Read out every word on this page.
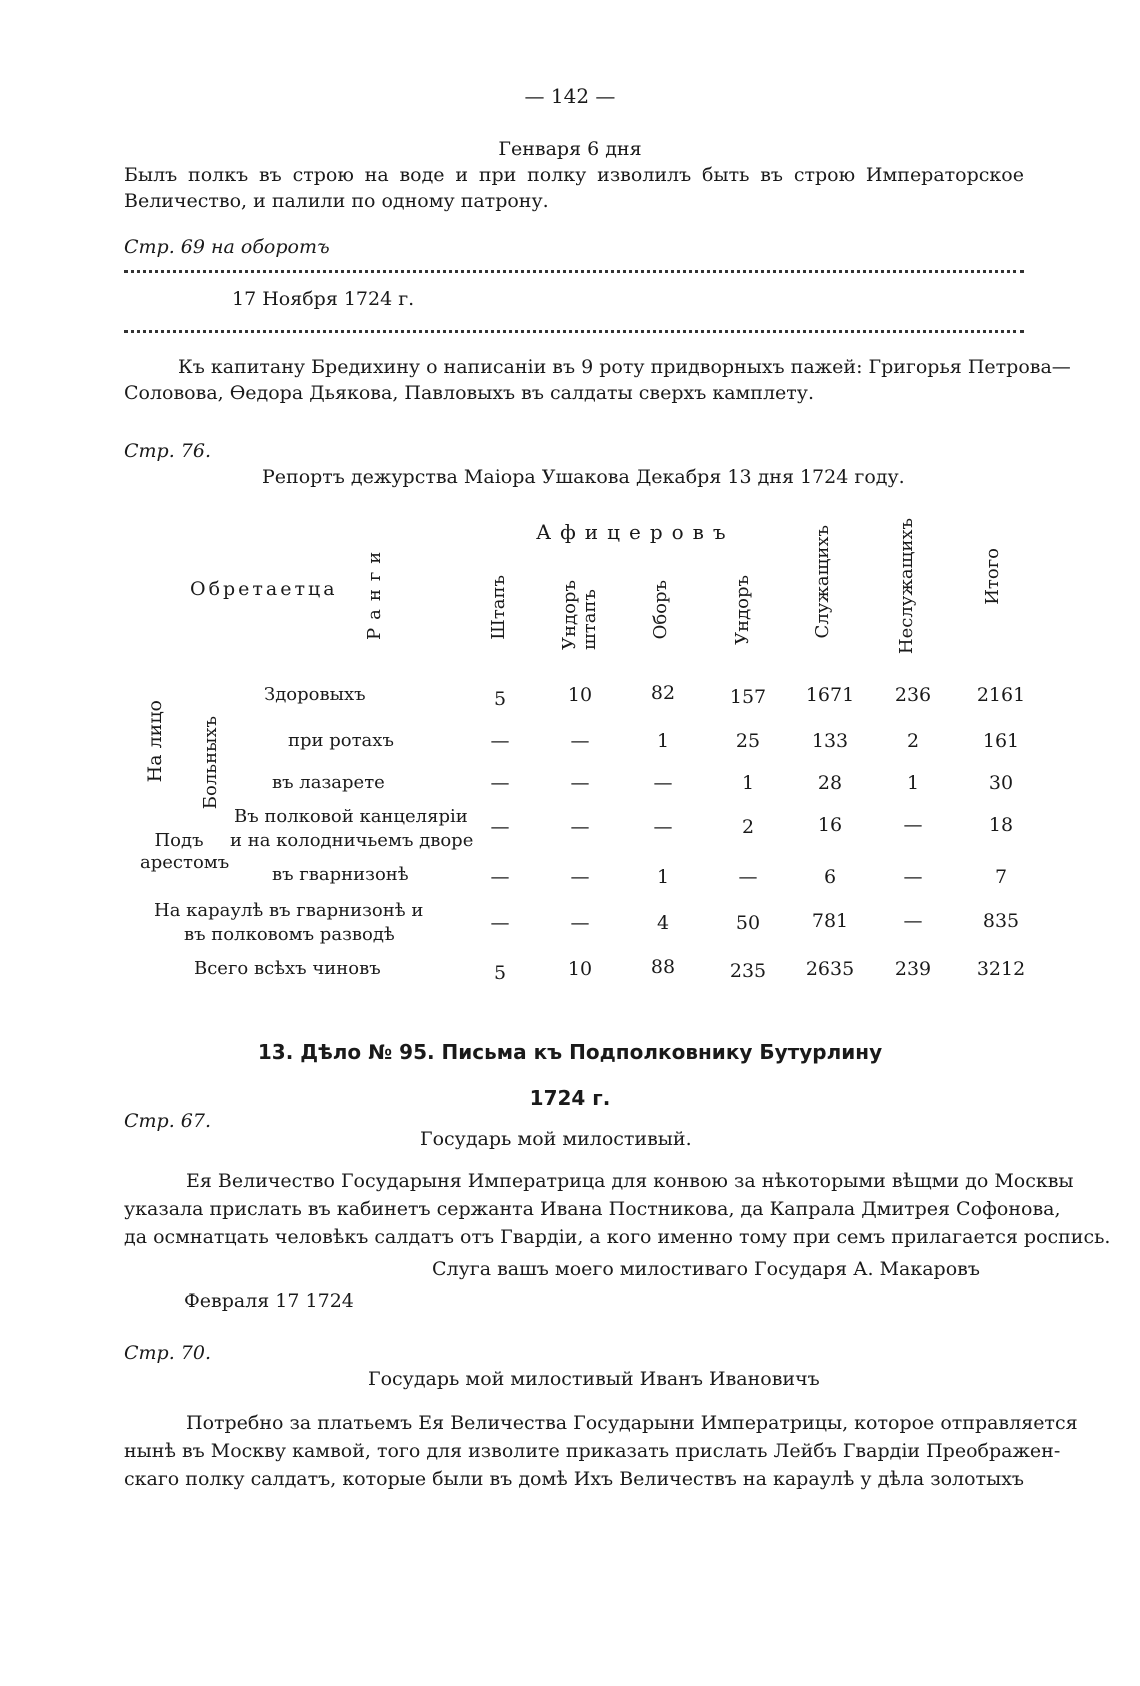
— 142 —
Генваря 6 дня
Былъ полкъ въ строю на воде и при полку изволилъ быть въ строю Императорское
Величество, и палили по одному патрону.
Стр. 69 на оборотъ
17 Ноября 1724 г.
Къ капитану Бредихину о написанiи въ 9 роту придворныхъ пажей: Григорья Петрова—
Соловова, Өедора Дьякова, Павловыхъ въ салдаты сверхъ камплету.
Стр. 76.
Репортъ дежурства Маiора Ушакова Декабря 13 дня 1724 году.
Афицеровъ
Обретаетца Ранги	Штапъ	Ундоръ штапъ	Оборъ	Ундоръ	Служащихъ	Неслужащихъ	Итого
На лицо Больныхъ
Подъ арестомъ
Здоровыхъ	5	10	82	157	1671	236	2161
при ротахъ	—	—	1	25	133	2	161
въ лазарете	—	—	—	1	28	1	30
Въ полковой канцеляріи
и на колодничьемъ дворе
—	—	—	2	16	—	18
въ гварнизонѣ	—	—	1	—	6	—	7
На караулѣ въ гварнизонѣ и
въ полковомъ разводѣ
—	—	4	50	781	—	835
Всего всѣхъ чиновъ	5	10	88	235	2635	239	3212
13. Дѣло № 95. Письма къ Подполковнику Бутурлину
1724 г.
Стр. 67.
Государь мой милостивый.
Ея Величество Государыня Императрица для конвою за нѣкоторыми вѣщми до Москвы
указала прислать въ кабинетъ сержанта Ивана Постникова, да Капрала Дмитрея Софонова,
да осмнатцать человѣкъ салдатъ отъ Гвардiи, а кого именно тому при семъ прилагается роспись.
Слуга вашъ моего милостиваго Государя А. Макаровъ
Февраля 17 1724
Стр. 70.
Государь мой милостивый Иванъ Ивановичъ
Потребно за платьемъ Ея Величества Государыни Императрицы, которое отправляется
нынѣ въ Москву камвой, того для изволите приказать прислать Лейбъ Гвардiи Преображен-
скаго полку салдатъ, которые были въ домѣ Ихъ Величествъ на караулѣ у дѣла золотыхъ
